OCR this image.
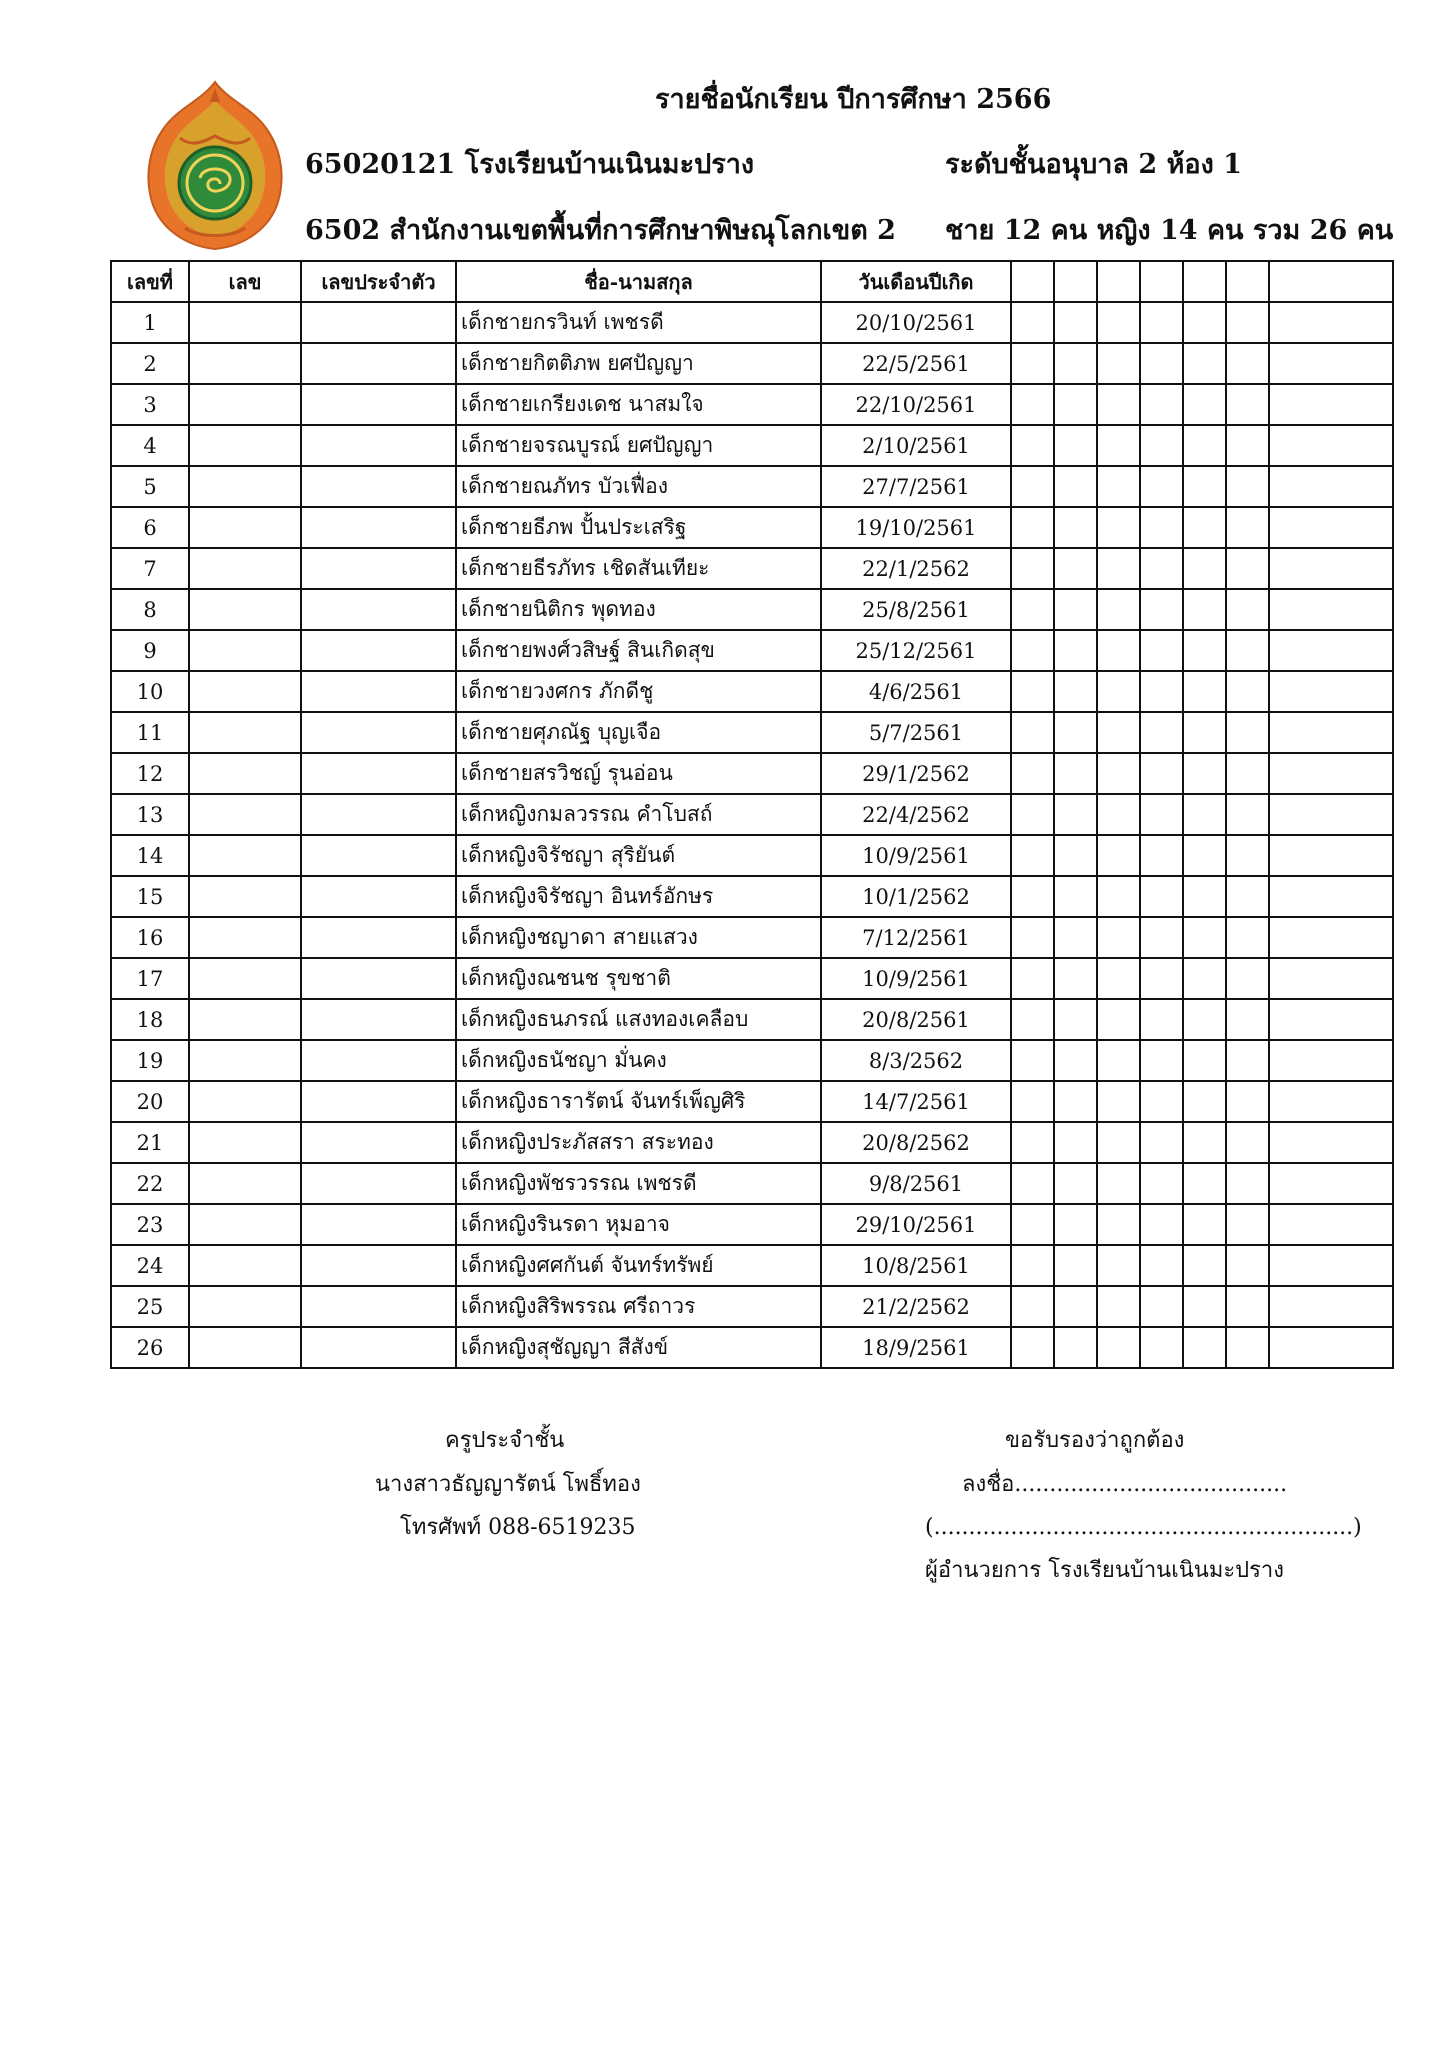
รายชื่อนักเรียน ปีการศึกษา 2566
65020121 โรงเรียนบ้านเนินมะปราง	ระดับชั้นอนุบาล 2 ห้อง 1
6502 สำนักงานเขตพื้นที่การศึกษาพิษณุโลกเขต 2 ชาย 12 คน หญิง 14 คน รวม 26 คน
เลขที่	เลข	เลขประจำตัว	ชื่อ-นามสกุล	วันเดือนปีเกิด							
1			เด็กชายกรวินท์ เพชรดี	20/10/2561							
2			เด็กชายกิตติภพ ยศปัญญา	22/5/2561							
3			เด็กชายเกรียงเดช นาสมใจ	22/10/2561							
4			เด็กชายจรณบูรณ์ ยศปัญญา	2/10/2561							
5			เด็กชายณภัทร บัวเฟื่อง	27/7/2561							
6			เด็กชายธีภพ ปั้นประเสริฐ	19/10/2561							
7			เด็กชายธีรภัทร เชิดสันเทียะ	22/1/2562							
8			เด็กชายนิติกร พุดทอง	25/8/2561							
9			เด็กชายพงศ์วสิษฐ์ สินเกิดสุข	25/12/2561							
10			เด็กชายวงศกร ภักดีชู	4/6/2561							
11			เด็กชายศุภณัฐ บุญเจือ	5/7/2561							
12			เด็กชายสรวิชญ์ รุนอ่อน	29/1/2562							
13			เด็กหญิงกมลวรรณ คำโบสถ์	22/4/2562							
14			เด็กหญิงจิรัชญา สุริยันต์	10/9/2561							
15			เด็กหญิงจิรัชญา อินทร์อักษร	10/1/2562							
16			เด็กหญิงชญาดา สายแสวง	7/12/2561							
17			เด็กหญิงณชนช รุขชาติ	10/9/2561							
18			เด็กหญิงธนภรณ์ แสงทองเคลือบ	20/8/2561							
19			เด็กหญิงธนัชญา มั่นคง	8/3/2562							
20			เด็กหญิงธารารัตน์ จันทร์เพ็ญศิริ	14/7/2561							
21			เด็กหญิงประภัสสรา สระทอง	20/8/2562							
22			เด็กหญิงพัชรวรรณ เพชรดี	9/8/2561							
23			เด็กหญิงรินรดา หุมอาจ	29/10/2561							
24			เด็กหญิงศศกันต์ จันทร์ทรัพย์	10/8/2561							
25			เด็กหญิงสิริพรรณ ศรีถาวร	21/2/2562							
26			เด็กหญิงสุชัญญา สีสังข์	18/9/2561							
ครูประจำชั้น
นางสาวธัญญารัตน์ โพธิ์ทอง
โทรศัพท์ 088-6519235
ขอรับรองว่าถูกต้อง
ลงชื่อ.......................................
(............................................................)
ผู้อำนวยการ โรงเรียนบ้านเนินมะปราง
